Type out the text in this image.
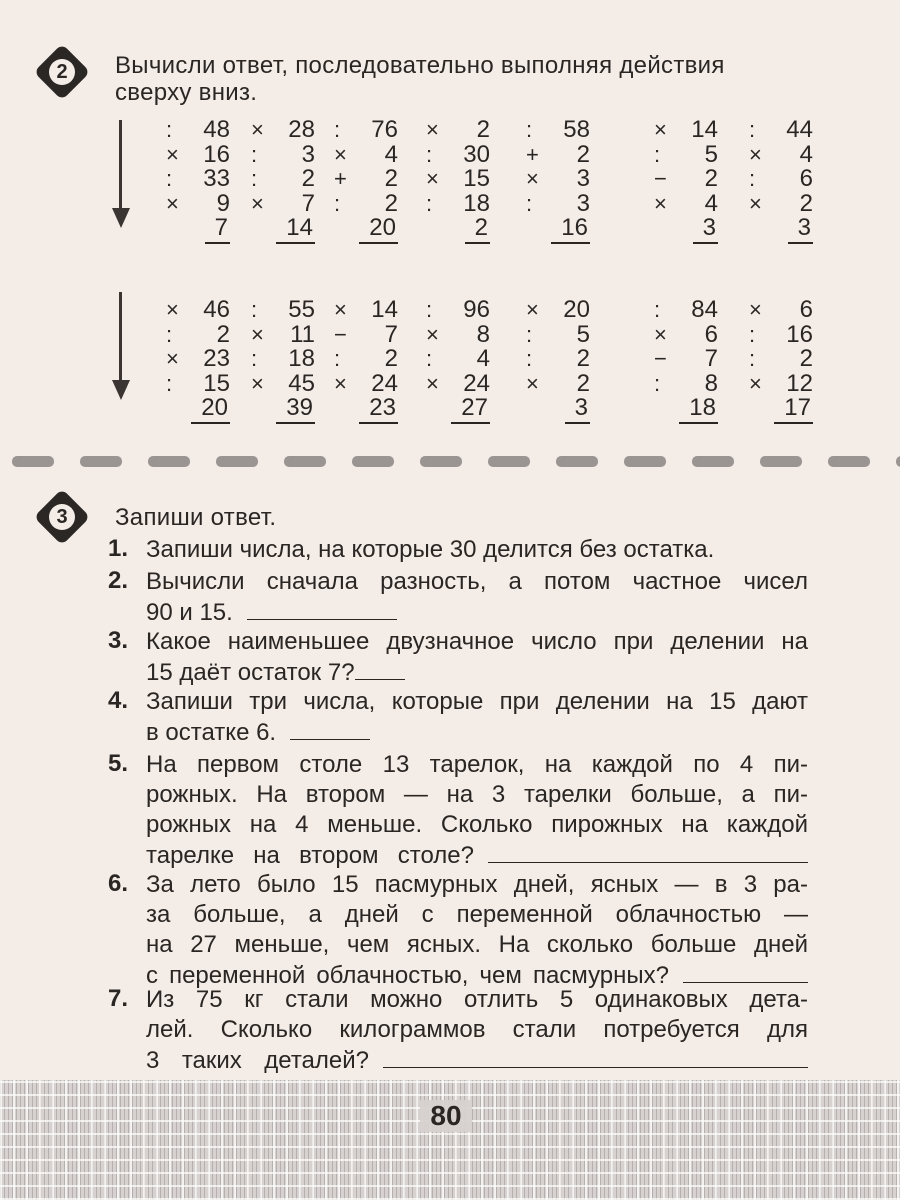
2	Вычисли ответ, последовательно выполняя действия
сверху вниз.
: 48
× 16
: 33
× 9
7
× 28
: 3
: 2
× 7
14
: 76
× 4
+ 2
: 2
20
× 2
: 30
× 15
: 18
2
: 58
+ 2
× 3
: 3
16
× 14
: 5
− 2
× 4
3
: 44
× 4
: 6
× 2
3
× 46
: 2
× 23
: 15
20
: 55
× 11
: 18
× 45
39
× 14
− 7
: 2
× 24
23
: 96
× 8
: 4
× 24
27
× 20
: 5
: 2
× 2
3
: 84
× 6
− 7
: 8
18
× 6
: 16
: 2
× 12
17
3	Запиши ответ.
1. Запиши числа, на которые 30 делится без остатка.
2. Вычисли сначала разность, а потом частное чисел
90 и 15.
3. Какое наименьшее двузначное число при делении на
15 даёт остаток 7?
4. Запиши три числа, которые при делении на 15 дают
в остатке 6.
5. На первом столе 13 тарелок, на каждой по 4 пи-
рожных. На втором — на 3 тарелки больше, а пи-
рожных на 4 меньше. Сколько пирожных на каждой
тарелке на втором столе?
6. За лето было 15 пасмурных дней, ясных — в 3 ра-
за больше, а дней с переменной облачностью —
на 27 меньше, чем ясных. На сколько больше дней
с переменной облачностью, чем пасмурных?
7. Из 75 кг стали можно отлить 5 одинаковых дета-
лей. Сколько килограммов стали потребуется для
3 таких деталей?
80
